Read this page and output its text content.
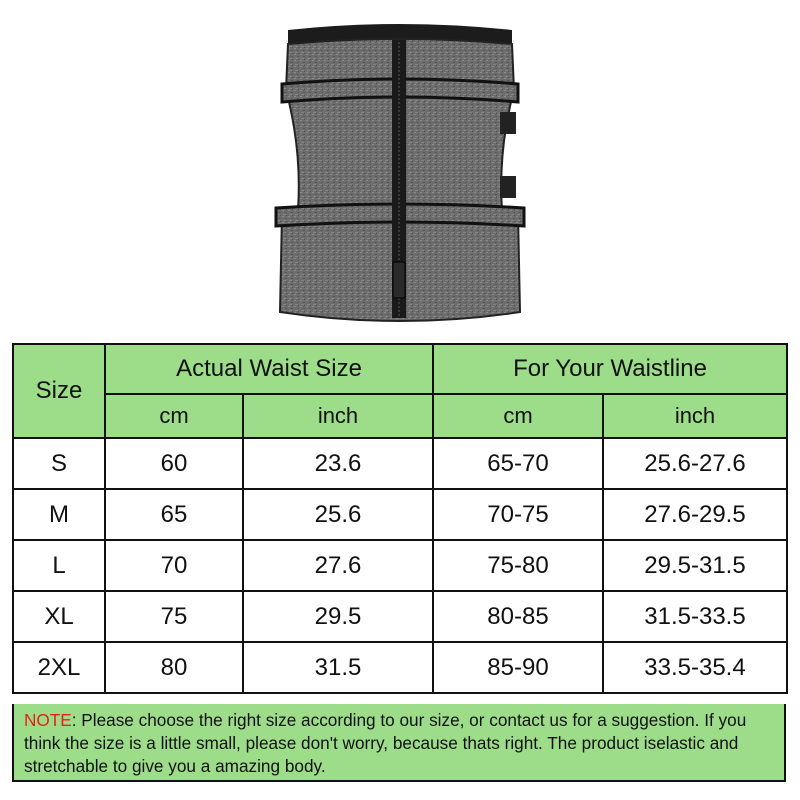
Size	Actual Waist Size		For Your Waistline	
	cm	inch	cm	inch
S	60	23.6	65-70	25.6-27.6
M	65	25.6	70-75	27.6-29.5
L	70	27.6	75-80	29.5-31.5
XL	75	29.5	80-85	31.5-33.5
2XL	80	31.5	85-90	33.5-35.4
NOTE: Please choose the right size according to our size, or contact us for a suggestion. If you think the size is a little small, please don't worry, because thats right. The product iselastic and stretchable to give you a amazing body.
